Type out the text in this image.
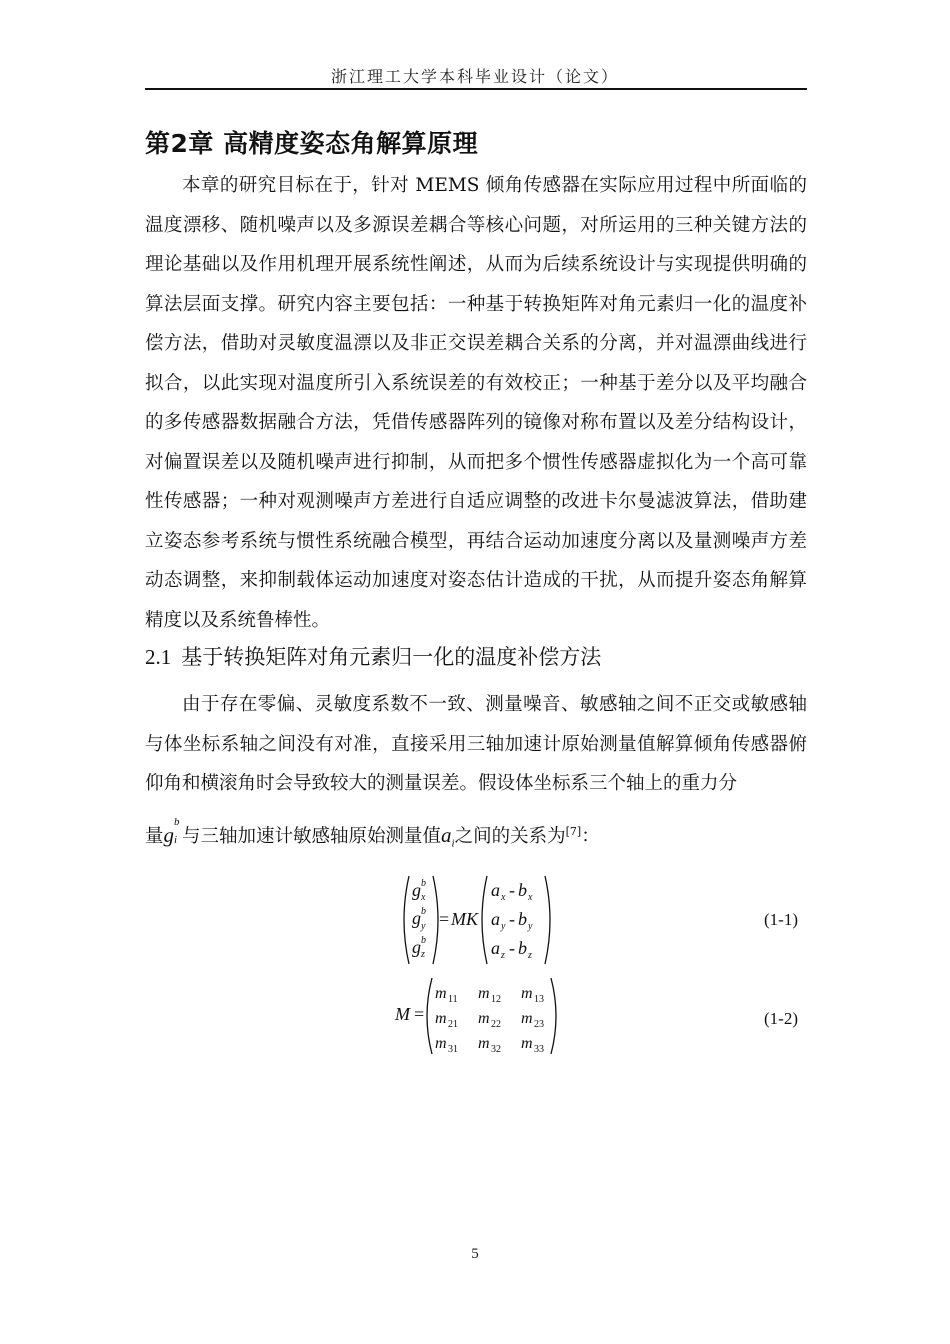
浙江理工大学本科毕业设计（论文）
第2章 高精度姿态角解算原理

本章的研究目标在于，针对 MEMS 倾角传感器在实际应用过程中所面临的温度漂移、随机噪声以及多源误差耦合等核心问题，对所运用的三种关键方法的理论基础以及作用机理开展系统性阐述，从而为后续系统设计与实现提供明确的算法层面支撑。研究内容主要包括：一种基于转换矩阵对角元素归一化的温度补偿方法，借助对灵敏度温漂以及非正交误差耦合关系的分离，并对温漂曲线进行拟合，以此实现对温度所引入系统误差的有效校正；一种基于差分以及平均融合的多传感器数据融合方法，凭借传感器阵列的镜像对称布置以及差分结构设计，对偏置误差以及随机噪声进行抑制，从而把多个惯性传感器虚拟化为一个高可靠性传感器；一种对观测噪声方差进行自适应调整的改进卡尔曼滤波算法，借助建立姿态参考系统与惯性系统融合模型，再结合运动加速度分离以及量测噪声方差动态调整，来抑制载体运动加速度对姿态估计造成的干扰，从而提升姿态角解算精度以及系统鲁棒性。

2.1 基于转换矩阵对角元素归一化的温度补偿方法

由于存在零偏、灵敏度系数不一致、测量噪音、敏感轴之间不正交或敏感轴与体坐标系轴之间没有对准，直接采用三轴加速计原始测量值解算倾角传感器俯仰角和横滚角时会导致较大的测量误差。假设体坐标系三个轴上的重力分

量g
b
i 与三轴加速计敏感轴原始测量值$a_i$之间的关系为[7]：
g b
x
g b
y
g b
z
= MK
a x - b x
a y - b y
a z - b z
(1-1)
M =
m 11 m 12 m 13
m 21 m 22 m 23
m 31 m 32 m 33
(1-2)
5
